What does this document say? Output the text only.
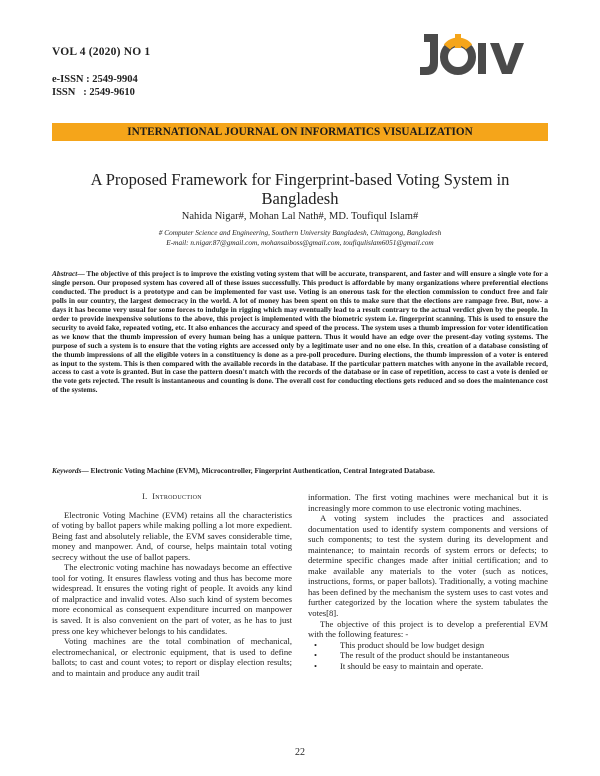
VOL 4 (2020) NO 1
e-ISSN : 2549-9904
ISSN   : 2549-9610
INTERNATIONAL JOURNAL ON INFORMATICS VISUALIZATION
A Proposed Framework for Fingerprint-based Voting System in Bangladesh
Nahida Nigar#, Mohan Lal Nath#, MD. Toufiqul Islam#
# Computer Science and Engineering, Southern University Bangladesh, Chittagong, Bangladesh
E-mail: n.nigar.87@gmail.com, mohansaiboss@gmail.com, toufiqulislam6051@gmail.com
Abstract— The objective of this project is to improve the existing voting system that will be accurate, transparent, and faster and will ensure a single vote for a single person. Our proposed system has covered all of these issues successfully. This product is affordable by many organizations where preferential elections conducted. The product is a prototype and can be implemented for vast use. Voting is an onerous task for the election commission to conduct free and fair polls in our country, the largest democracy in the world. A lot of money has been spent on this to make sure that the elections are rampage free. But, now- a days it has become very usual for some forces to indulge in rigging which may eventually lead to a result contrary to the actual verdict given by the people. In order to provide inexpensive solutions to the above, this project is implemented with the biometric system i.e. fingerprint scanning. This is used to ensure the security to avoid fake, repeated voting, etc. It also enhances the accuracy and speed of the process. The system uses a thumb impression for voter identification as we know that the thumb impression of every human being has a unique pattern. Thus it would have an edge over the present-day voting systems. The purpose of such a system is to ensure that the voting rights are accessed only by a legitimate user and no one else. In this, creation of a database consisting of the thumb impressions of all the eligible voters in a constituency is done as a pre-poll procedure. During elections, the thumb impression of a voter is entered as input to the system. This is then compared with the available records in the database. If the particular pattern matches with anyone in the available record, access to cast a vote is granted. But in case the pattern doesn't match with the records of the database or in case of repetition, access to cast a vote is denied or the vote gets rejected. The result is instantaneous and counting is done. The overall cost for conducting elections gets reduced and so does the maintenance cost of the systems.
Keywords— Electronic Voting Machine (EVM), Microcontroller, Fingerprint Authentication, Central Integrated Database.
I. Introduction

Electronic Voting Machine (EVM) retains all the characteristics of voting by ballot papers while making polling a lot more expedient. Being fast and absolutely reliable, the EVM saves considerable time, money and manpower. And, of course, helps maintain total voting secrecy without the use of ballot papers.

The electronic voting machine has nowadays become an effective tool for voting. It ensures flawless voting and thus has become more widespread. It ensures the voting right of people. It avoids any kind of malpractice and invalid votes. Also such kind of system becomes more economical as consequent expenditure incurred on manpower is saved. It is also convenient on the part of voter, as he has to just press one key whichever belongs to his candidates.

Voting machines are the total combination of mechanical, electromechanical, or electronic equipment, that is used to define ballots; to cast and count votes; to report or display election results; and to maintain and produce any audit trail

information. The first voting machines were mechanical but it is increasingly more common to use electronic voting machines.

A voting system includes the practices and associated documentation used to identify system components and versions of such components; to test the system during its development and maintenance; to maintain records of system errors or defects; to determine specific changes made after initial certification; and to make available any materials to the voter (such as notices, instructions, forms, or paper ballots). Traditionally, a voting machine has been defined by the mechanism the system uses to cast votes and further categorized by the location where the system tabulates the votes[8].

The objective of this project is to develop a preferential EVM with the following features: -

•	This product should be low budget design
•	The result of the product should be instantaneous
•	It should be easy to maintain and operate.
22
